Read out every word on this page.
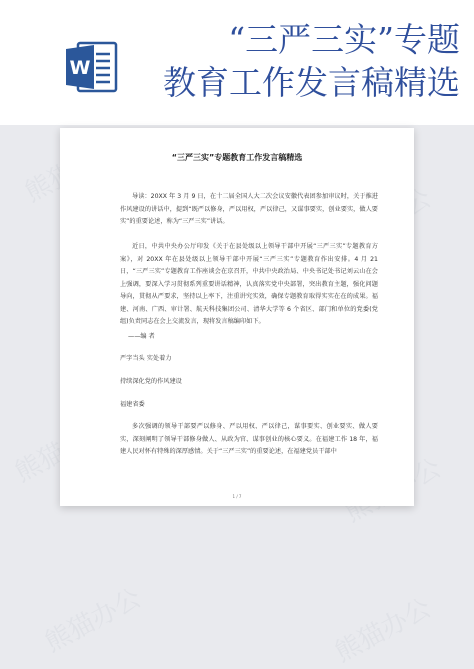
W
“三严三实”专题
教育工作发言稿精选
熊猫办公	熊猫办公
“三严三实”专题教育工作发言稿精选

导读：20XX 年 3 月 9 日，在十二届全国人大二次会议安徽代表团参加审议时，关于推进作风建设的讲话中，提到“既严以修身，严以用权，严以律己，又谋事要实，创业要实，做人要实”的重要论述，称为“三严三实”讲话。

近日，中共中央办公厅印发《关于在县处级以上领导干部中开展“三严三实”专题教育方案》，对 20XX 年在县处级以上领导干部中开展“三严三实”专题教育作出安排。4 月 21 日，“三严三实”专题教育工作座谈会在京召开，中共中央政治局、中央书记处书记刘云山在会上强调，要深入学习贯彻系列重要讲话精神，认真落实党中央部署，突出教育主题，强化问题导向，贯彻从严要求，坚持以上率下，注重讲究实效，确保专题教育取得实实在在的成果。福建、河南、广西、审计署、航天科技集团公司、清华大学等 6 个省区、部门和单位的党委(党组)负责同志在会上交流发言，现将发言稿编印如下。

——编 者
严字当头 实处着力
持续深化党的作风建设
福建省委

多次强调的领导干部要严以修身、严以用权、严以律己，谋事要实、创业要实、做人要实，深刻阐明了领导干部修身做人、从政为官、谋事创业的核心要义。在福建工作 18 年，福建人民对怀有特殊的深厚感情。关于“三严三实”的重要论述，在福建党员干部中

1 / 7
